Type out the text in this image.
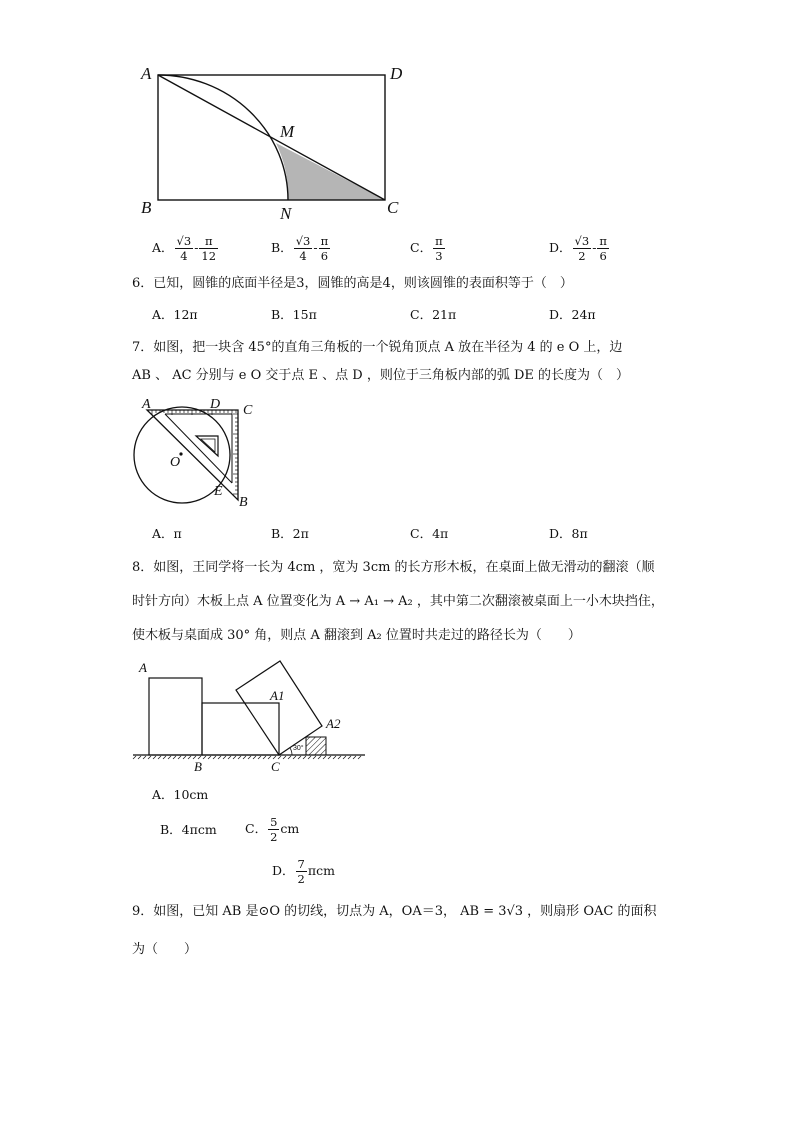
A	D
B	C
M
N
A． $\frac{√3}{4} - \frac{\pi}{12}$	B． $\frac{√3}{4} - \frac{\pi}{6}$	C． $\frac{\pi}{3}$	D． $\frac{√3}{2} - \frac{\pi}{6}$
6．已知，圆锥的底面半径是3，圆锥的高是4，则该圆锥的表面积等于（　）
A．12π	B．15π	C．21π	D．24π
7．如图，把一块含 45°的直角三角板的一个锐角顶点 A 放在半径为 4 的 e O 上，边
AB 、 AC 分别与 e O 交于点 E 、点 D ，则位于三角板内部的弧 DE 的长度为（　）
A	D C
O
E
B
A．π	B．2π	C．4π	D．8π
8．如图，王同学将一长为 4cm ，宽为 3cm 的长方形木板，在桌面上做无滑动的翻滚（顺
时针方向）木板上点 A 位置变化为 A → A₁ → A₂ ，其中第二次翻滚被桌面上一小木块挡住，
使木板与桌面成 30° 角，则点 A 翻滚到 A₂ 位置时共走过的路径长为（　　）
A
A1
A2
B	C
30°
A．10cm
B．4πcm C． $\frac{5}{2}$ cm
D． $\frac{7}{2}$ πcm
9．如图，已知 AB 是⊙O 的切线，切点为 A，OA＝3， AB = 3√3 ，则扇形 OAC 的面积
为（　　）
